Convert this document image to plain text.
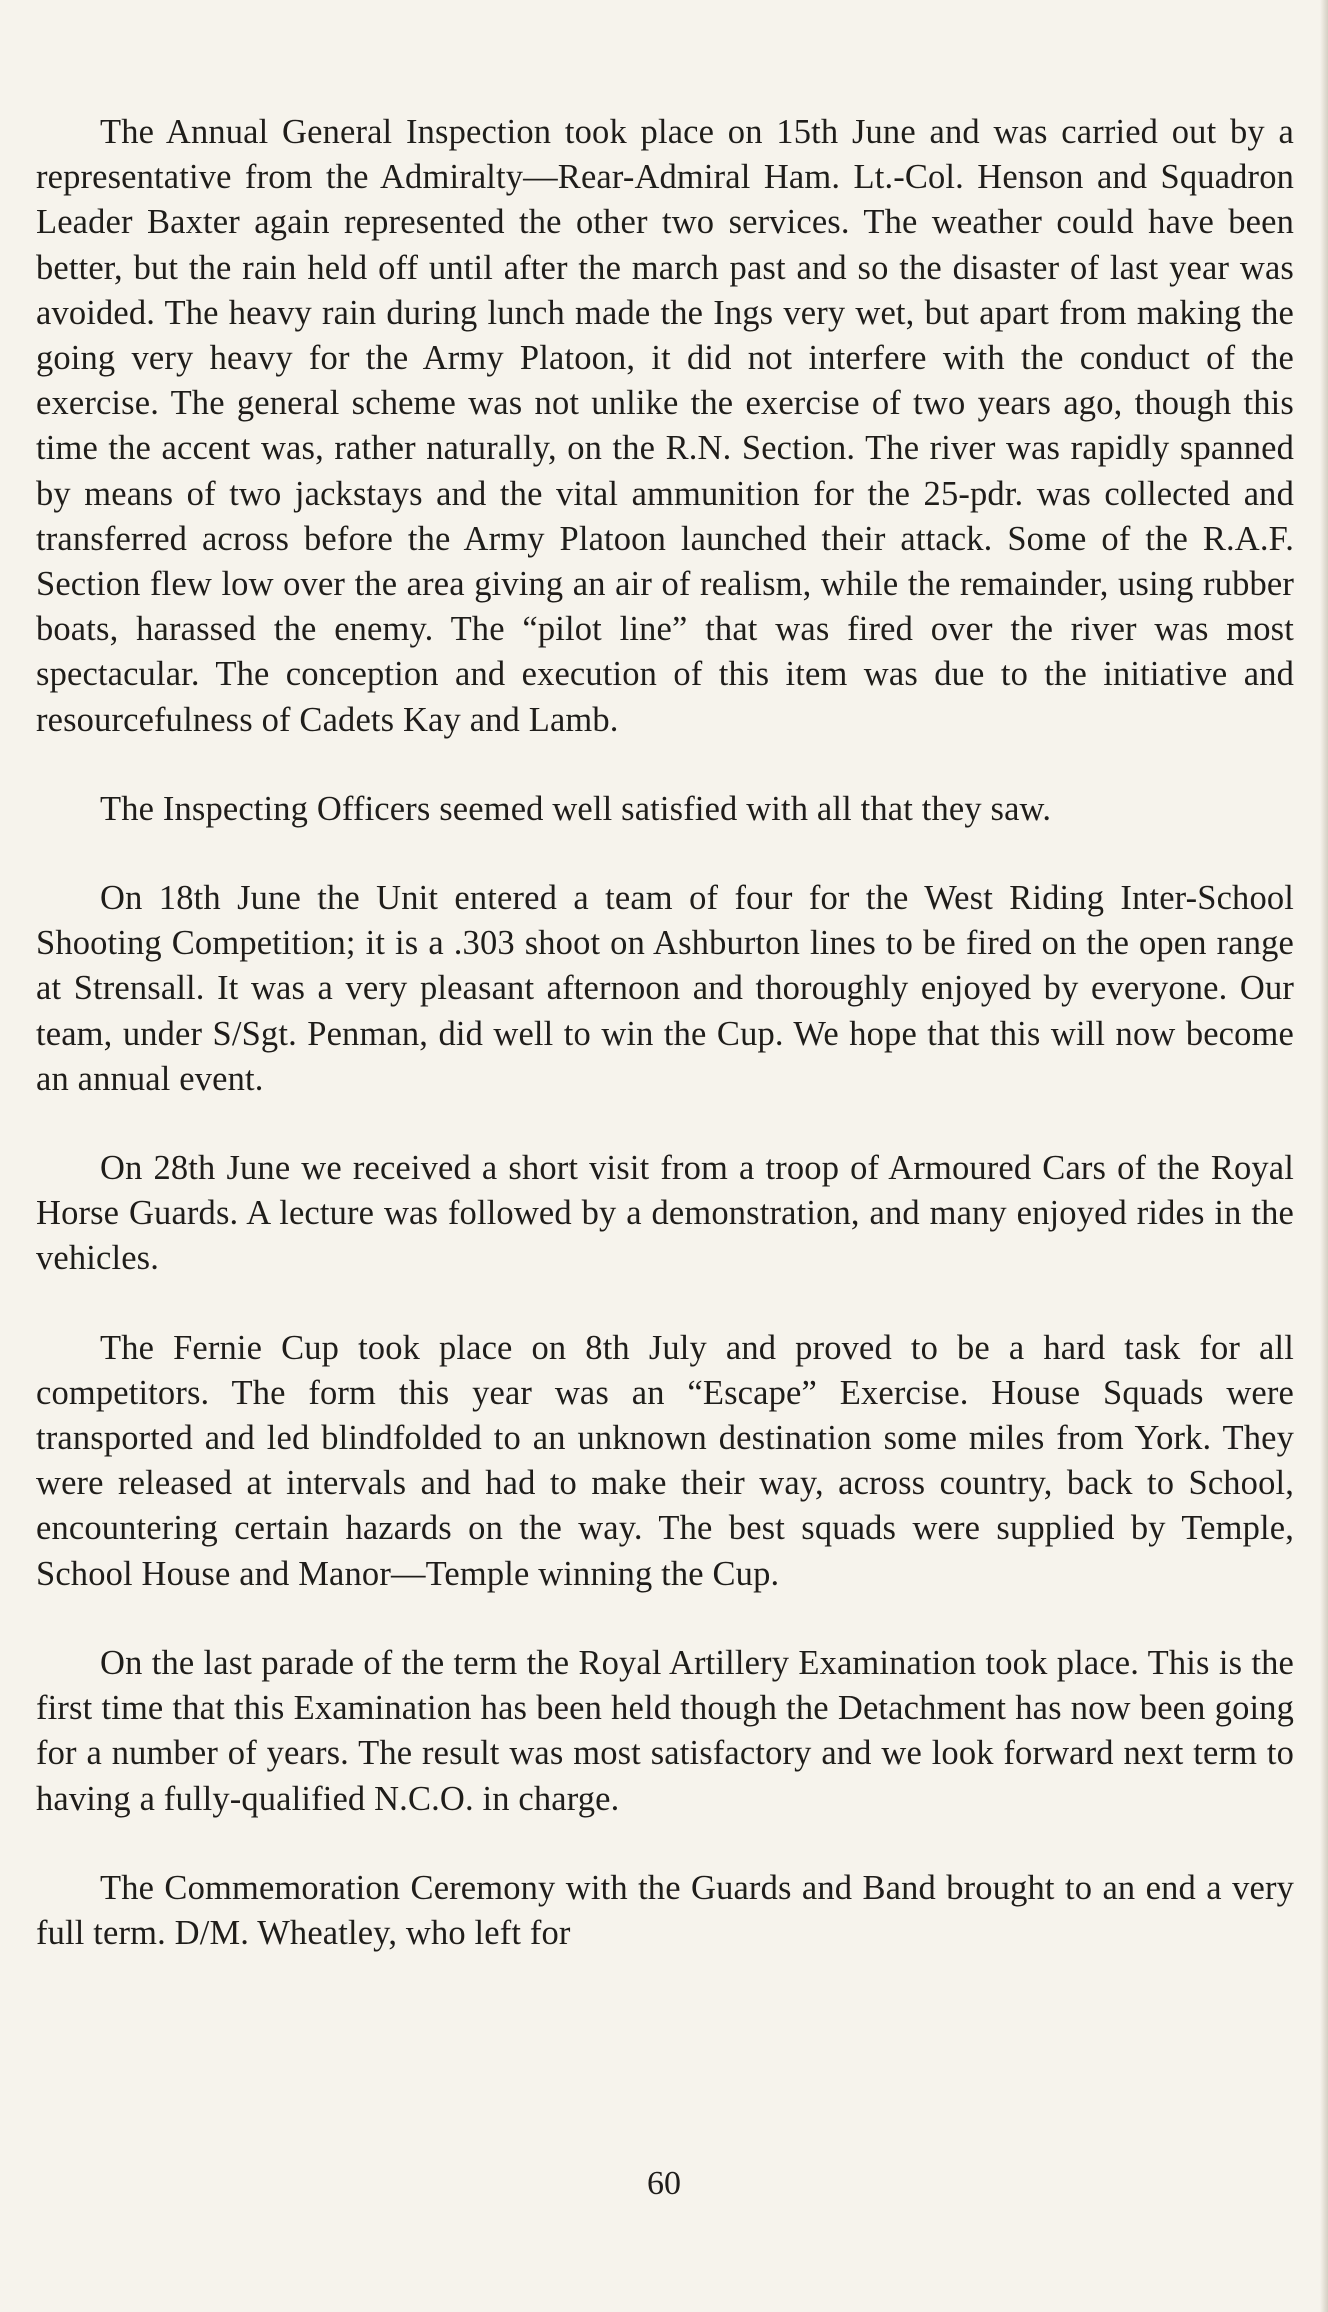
The Annual General Inspection took place on 15th June and was carried out by a representative from the Admiralty—Rear-Admiral Ham. Lt.-Col. Henson and Squadron Leader Baxter again represented the other two services. The weather could have been better, but the rain held off until after the march past and so the disaster of last year was avoided. The heavy rain during lunch made the Ings very wet, but apart from making the going very heavy for the Army Platoon, it did not interfere with the conduct of the exercise. The general scheme was not unlike the exercise of two years ago, though this time the accent was, rather naturally, on the R.N. Section. The river was rapidly spanned by means of two jackstays and the vital ammunition for the 25-pdr. was collected and transferred across before the Army Platoon launched their attack. Some of the R.A.F. Section flew low over the area giving an air of realism, while the remainder, using rubber boats, harassed the enemy. The “pilot line” that was fired over the river was most spectacular. The conception and execution of this item was due to the initiative and resourcefulness of Cadets Kay and Lamb.

The Inspecting Officers seemed well satisfied with all that they saw.

On 18th June the Unit entered a team of four for the West Riding Inter-School Shooting Competition; it is a .303 shoot on Ashburton lines to be fired on the open range at Strensall. It was a very pleasant afternoon and thoroughly enjoyed by everyone. Our team, under S/Sgt. Penman, did well to win the Cup. We hope that this will now become an annual event.

On 28th June we received a short visit from a troop of Armoured Cars of the Royal Horse Guards. A lecture was followed by a demonstration, and many enjoyed rides in the vehicles.

The Fernie Cup took place on 8th July and proved to be a hard task for all competitors. The form this year was an “Escape” Exercise. House Squads were transported and led blindfolded to an unknown destination some miles from York. They were released at intervals and had to make their way, across country, back to School, encountering certain hazards on the way. The best squads were supplied by Temple, School House and Manor—Temple winning the Cup.

On the last parade of the term the Royal Artillery Examination took place. This is the first time that this Examination has been held though the Detachment has now been going for a number of years. The result was most satisfactory and we look forward next term to having a fully-qualified N.C.O. in charge.

The Commemoration Ceremony with the Guards and Band brought to an end a very full term. D/M. Wheatley, who left for

60
